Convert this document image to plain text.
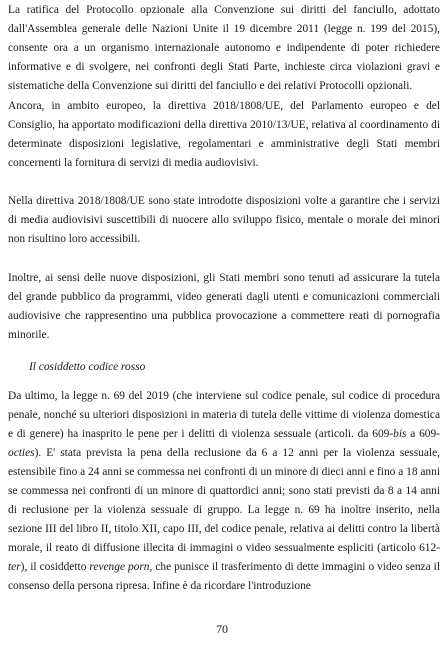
La ratifica del Protocollo opzionale alla Convenzione sui diritti del fanciullo, adottato dall'Assemblea generale delle Nazioni Unite il 19 dicembre 2011 (legge n. 199 del 2015), consente ora a un organismo internazionale autonomo e indipendente di poter richiedere informative e di svolgere, nei confronti degli Stati Parte, inchieste circa violazioni gravi e sistematiche della Convenzione sui diritti del fanciullo e dei relativi Protocolli opzionali.

Ancora, in ambito europeo, la direttiva 2018/1808/UE, del Parlamento europeo e del Consiglio, ha apportato modificazioni della direttiva 2010/13/UE, relativa al coordinamento di determinate disposizioni legislative, regolamentari e amministrative degli Stati membri concernenti la fornitura di servizi di media audiovisivi.

Nella direttiva 2018/1808/UE sono state introdotte disposizioni volte a garantire che i servizi di media audiovisivi suscettibili di nuocere allo sviluppo fisico, mentale o morale dei minori non risultino loro accessibili.

Inoltre, ai sensi delle nuove disposizioni, gli Stati membri sono tenuti ad assicurare la tutela del grande pubblico da programmi, video generati dagli utenti e comunicazioni commerciali audiovisive che rappresentino una pubblica provocazione a commettere reati di pornografia minorile.

Il cosiddetto codice rosso

Da ultimo, la legge n. 69 del 2019 (che interviene sul codice penale, sul codice di procedura penale, nonché su ulteriori disposizioni in materia di tutela delle vittime di violenza domestica e di genere) ha inasprito le pene per i delitti di violenza sessuale (articoli. da 609-bis a 609-octies). E' stata prevista la pena della reclusione da 6 a 12 anni per la violenza sessuale, estensibile fino a 24 anni se commessa nei confronti di un minore di dieci anni e fino a 18 anni se commessa nei confronti di un minore di quattordici anni; sono stati previsti da 8 a 14 anni di reclusione per la violenza sessuale di gruppo. La legge n. 69 ha inoltre inserito, nella sezione III del libro II, titolo XII, capo III, del codice penale, relativa ai delitti contro la libertà morale, il reato di diffusione illecita di immagini o video sessualmente espliciti (articolo 612-ter), il cosiddetto revenge porn, che punisce il trasferimento di dette immagini o video senza il consenso della persona ripresa. Infine è da ricordare l'introduzione

70
